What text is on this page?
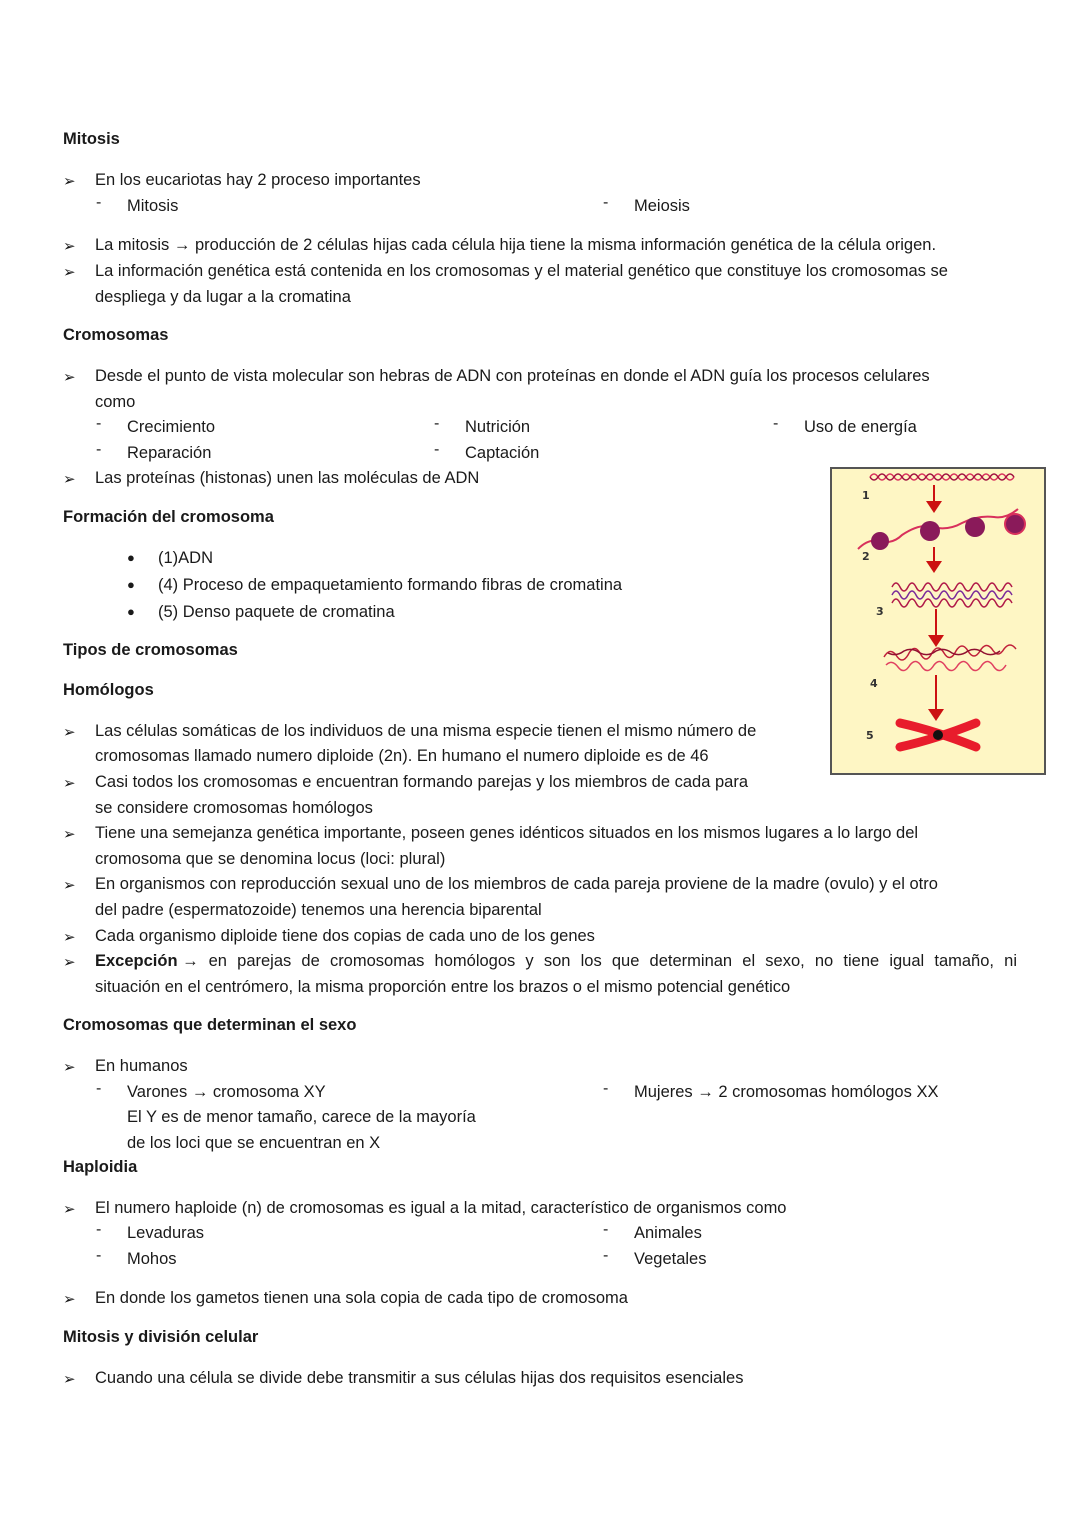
Mitosis
➢ En los eucariotas hay 2 proceso importantes
- Mitosis	- Meiosis
➢ La mitosis → producción de 2 células hijas cada célula hija tiene la misma información genética de la célula origen.
➢ La información genética está contenida en los cromosomas y el material genético que constituye los cromosomas se
despliega y da lugar a la cromatina
Cromosomas
➢ Desde el punto de vista molecular son hebras de ADN con proteínas en donde el ADN guía los procesos celulares
como
- Crecimiento	- Nutrición	- Uso de energía
- Reparación	- Captación
➢ Las proteínas (histonas) unen las moléculas de ADN
Formación del cromosoma
● (1)ADN
● (4) Proceso de empaquetamiento formando fibras de cromatina
● (5) Denso paquete de cromatina
Tipos de cromosomas
Homólogos
➢ Las células somáticas de los individuos de una misma especie tienen el mismo número de
cromosomas llamado numero diploide (2n). En humano el numero diploide es de 46
➢ Casi todos los cromosomas e encuentran formando parejas y los miembros de cada para
se considere cromosomas homólogos
➢ Tiene una semejanza genética importante, poseen genes idénticos situados en los mismos lugares a lo largo del
cromosoma que se denomina locus (loci: plural)
➢ En organismos con reproducción sexual uno de los miembros de cada pareja proviene de la madre (ovulo) y el otro
del padre (espermatozoide) tenemos una herencia biparental
➢ Cada organismo diploide tiene dos copias de cada uno de los genes
➢ Excepción → en parejas de cromosomas homólogos y son los que determinan el sexo, no tiene igual tamaño, ni
situación en el centrómero, la misma proporción entre los brazos o el mismo potencial genético
Cromosomas que determinan el sexo
➢ En humanos
- Varones → cromosoma XY
El Y es de menor tamaño, carece de la mayoría
de los loci que se encuentran en X
- Mujeres → 2 cromosomas homólogos XX
Haploidia
➢ El numero haploide (n) de cromosomas es igual a la mitad, característico de organismos como
- Levaduras	- Animales
- Mohos	- Vegetales
➢ En donde los gametos tienen una sola copia de cada tipo de cromosoma
Mitosis y división celular
➢ Cuando una célula se divide debe transmitir a sus células hijas dos requisitos esenciales
1
2
3
4
5
